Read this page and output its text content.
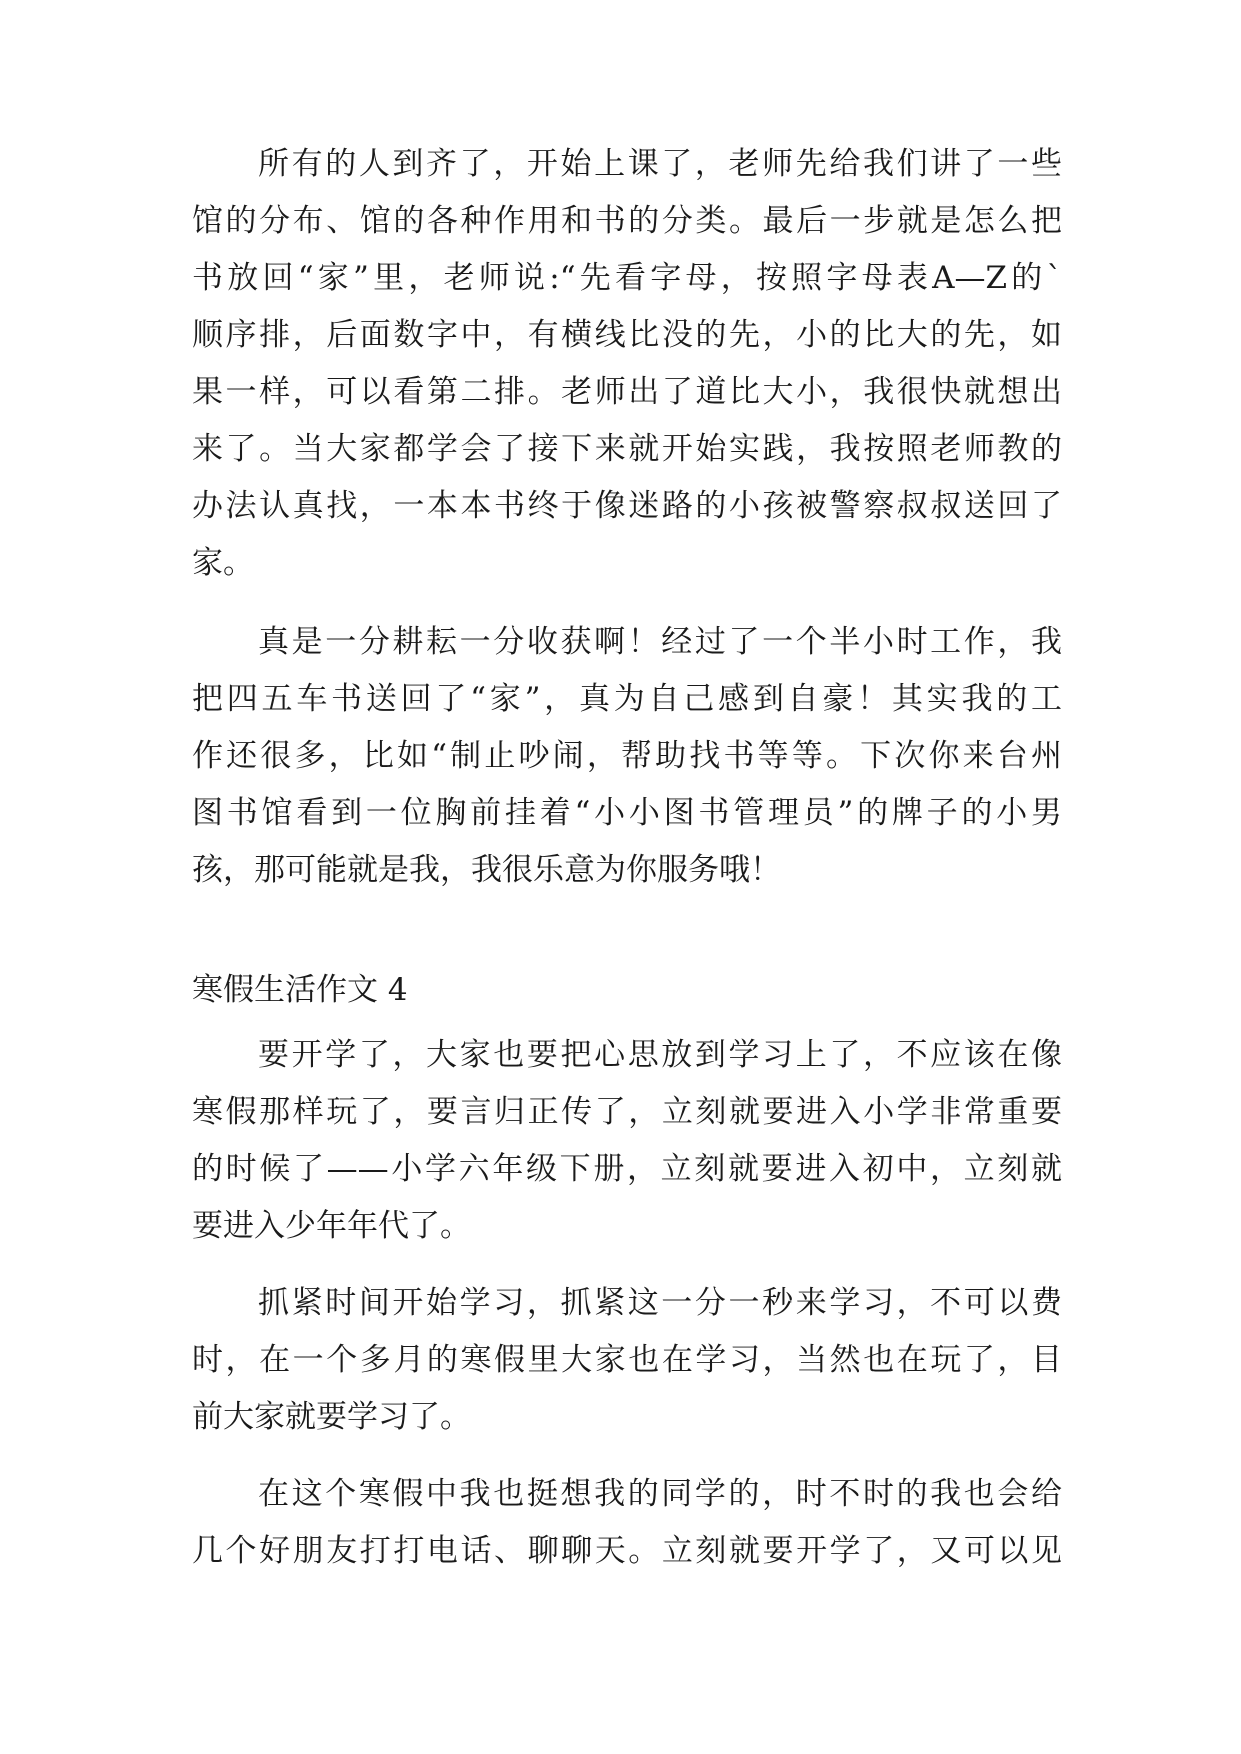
所有的人到齐了，开始上课了，老师先给我们讲了一些
馆的分布、馆的各种作用和书的分类。最后一步就是怎么把
书放回“家”里，老师说:“先看字母，按照字母表A—Z的`
顺序排，后面数字中，有横线比没的先，小的比大的先，如
果一样，可以看第二排。老师出了道比大小，我很快就想出
来了。当大家都学会了接下来就开始实践，我按照老师教的
办法认真找，一本本书终于像迷路的小孩被警察叔叔送回了
家。
真是一分耕耘一分收获啊！经过了一个半小时工作，我
把四五车书送回了“家”，真为自己感到自豪！其实我的工
作还很多，比如“制止吵闹，帮助找书等等。下次你来台州
图书馆看到一位胸前挂着“小小图书管理员”的牌子的小男
孩，那可能就是我，我很乐意为你服务哦！
寒假生活作文 4
要开学了，大家也要把心思放到学习上了，不应该在像
寒假那样玩了，要言归正传了，立刻就要进入小学非常重要
的时候了——小学六年级下册，立刻就要进入初中，立刻就
要进入少年年代了。
抓紧时间开始学习，抓紧这一分一秒来学习，不可以费
时，在一个多月的寒假里大家也在学习，当然也在玩了，目
前大家就要学习了。
在这个寒假中我也挺想我的同学的，时不时的我也会给
几个好朋友打打电话、聊聊天。立刻就要开学了，又可以见
